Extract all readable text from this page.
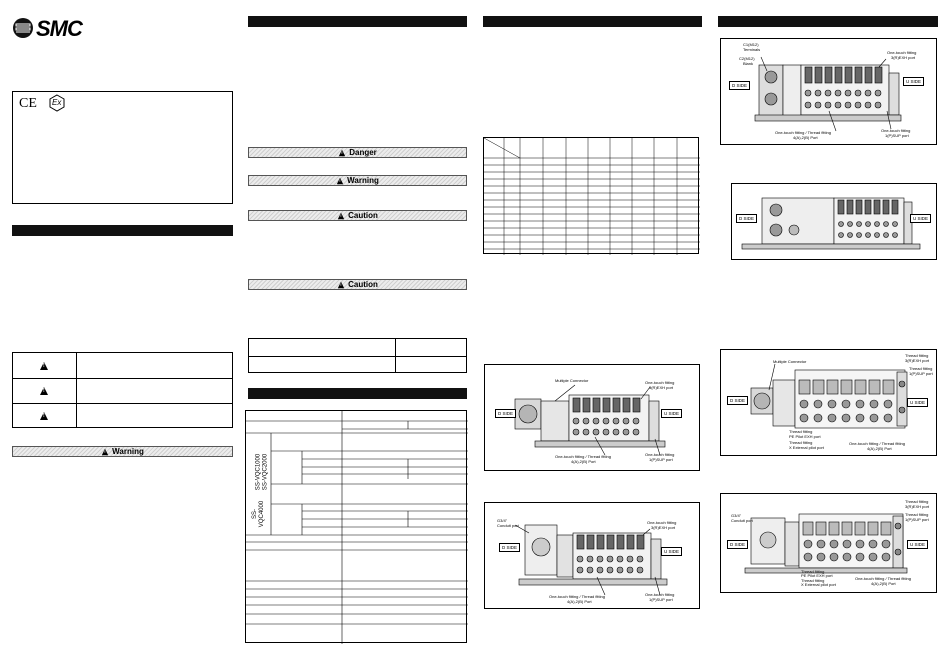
SMC
CE Ex
!
!
!
!
Warning
!
Danger
!
Warning
!
Caution
!
Caution
SS-VQC1000 SS-VQC2000
SS-VQC4000
D SIDE	U SIDE
Multiple Connector	One-touch fitting
3(R)EXH port
One-touch fitting / Thread fitting
4(A),2(B) Port
One-touch fitting
1(P)SUP port
G3/4"
Conduit port
D SIDE
U SIDE
One-touch fitting
3(R)EXH port
One-touch fitting / Thread fitting
4(A),2(B) Port
One-touch fitting
1(P)SUP port
C1(M12)
Terminals
C2(M12)
Blank
D SIDE
U SIDE
One-touch fitting
3(R)EXH port
One-touch fitting / Thread fitting
4(A),2(B) Port
One-touch fitting
1(P)SUP port
D SIDE	U SIDE
Multiple Connector
D SIDE	U SIDE
Thread fitting
3(R)EXH port
Thread fitting
1(P)SUP port
Thread fitting
PE Pilot EXH port
Thread fitting
X External pilot port
One-touch fitting / Thread fitting
4(A),2(B) Port
G3/4"
Conduit port
D SIDE	U SIDE
Thread fitting
3(R)EXH port
Thread fitting
1(P)SUP port
Thread fitting
PE Pilot EXH port
Thread fitting
X External pilot port
One-touch fitting / Thread fitting
4(A),2(B) Port
